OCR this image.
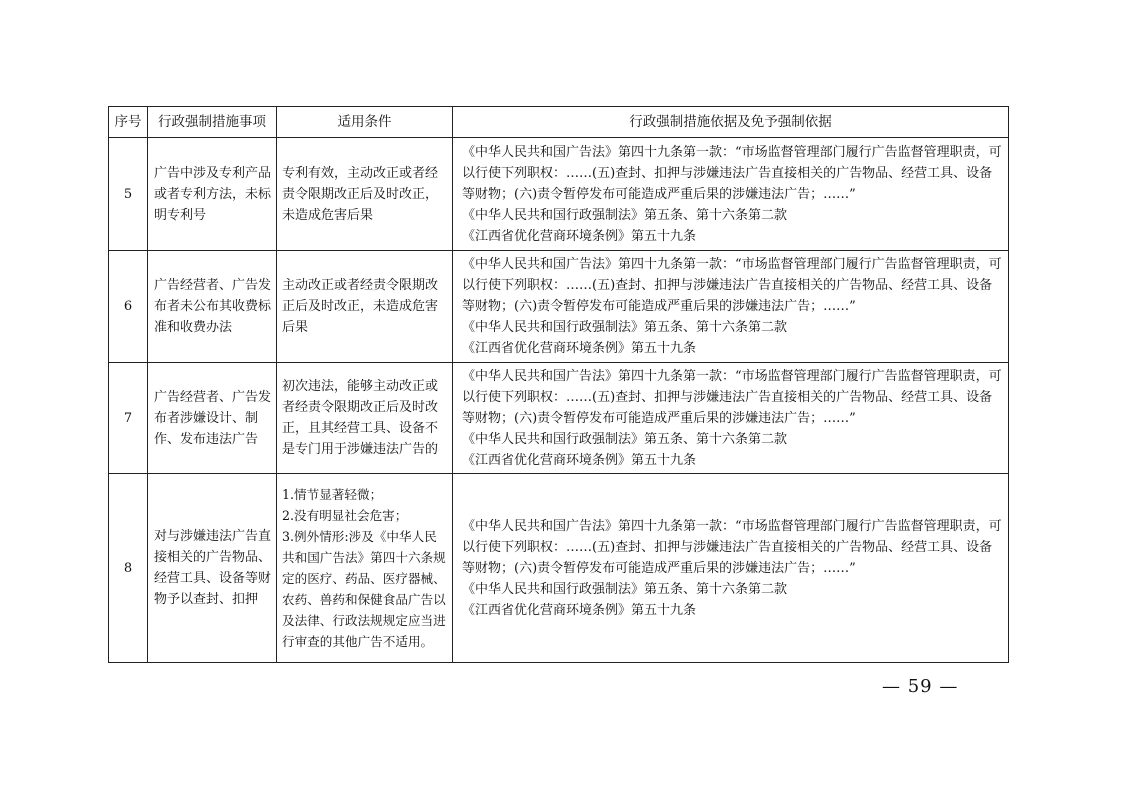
序号	行政强制措施事项	适用条件	行政强制措施依据及免予强制依据
5	广告中涉及专利产品或者专利方法，未标明专利号	专利有效，主动改正或者经责令限期改正后及时改正，未造成危害后果	《中华人民共和国广告法》第四十九条第一款：“市场监督管理部门履行广告监督管理职责，可以行使下列职权：……(五)查封、扣押与涉嫌违法广告直接相关的广告物品、经营工具、设备等财物；(六)责令暂停发布可能造成严重后果的涉嫌违法广告；……”
《中华人民共和国行政强制法》第五条、第十六条第二款
《江西省优化营商环境条例》第五十九条

6	广告经营者、广告发布者未公布其收费标准和收费办法	主动改正或者经责令限期改正后及时改正，未造成危害后果	《中华人民共和国广告法》第四十九条第一款：“市场监督管理部门履行广告监督管理职责，可以行使下列职权：……(五)查封、扣押与涉嫌违法广告直接相关的广告物品、经营工具、设备等财物；(六)责令暂停发布可能造成严重后果的涉嫌违法广告；……”
《中华人民共和国行政强制法》第五条、第十六条第二款
《江西省优化营商环境条例》第五十九条

7	广告经营者、广告发布者涉嫌设计、制作、发布违法广告	初次违法，能够主动改正或者经责令限期改正后及时改正，且其经营工具、设备不是专门用于涉嫌违法广告的	《中华人民共和国广告法》第四十九条第一款：“市场监督管理部门履行广告监督管理职责，可以行使下列职权：……(五)查封、扣押与涉嫌违法广告直接相关的广告物品、经营工具、设备等财物；(六)责令暂停发布可能造成严重后果的涉嫌违法广告；……”
《中华人民共和国行政强制法》第五条、第十六条第二款
《江西省优化营商环境条例》第五十九条

8	对与涉嫌违法广告直接相关的广告物品、经营工具、设备等财物予以查封、扣押	1.情节显著轻微；
2.没有明显社会危害；
3.例外情形:涉及《中华人民共和国广告法》第四十六条规定的医疗、药品、医疗器械、农药、兽药和保健食品广告以及法律、行政法规规定应当进行审查的其他广告不适用。	《中华人民共和国广告法》第四十九条第一款：“市场监督管理部门履行广告监督管理职责，可以行使下列职权：……(五)查封、扣押与涉嫌违法广告直接相关的广告物品、经营工具、设备等财物；(六)责令暂停发布可能造成严重后果的涉嫌违法广告；……”
《中华人民共和国行政强制法》第五条、第十六条第二款
《江西省优化营商环境条例》第五十九条
— 59 —
